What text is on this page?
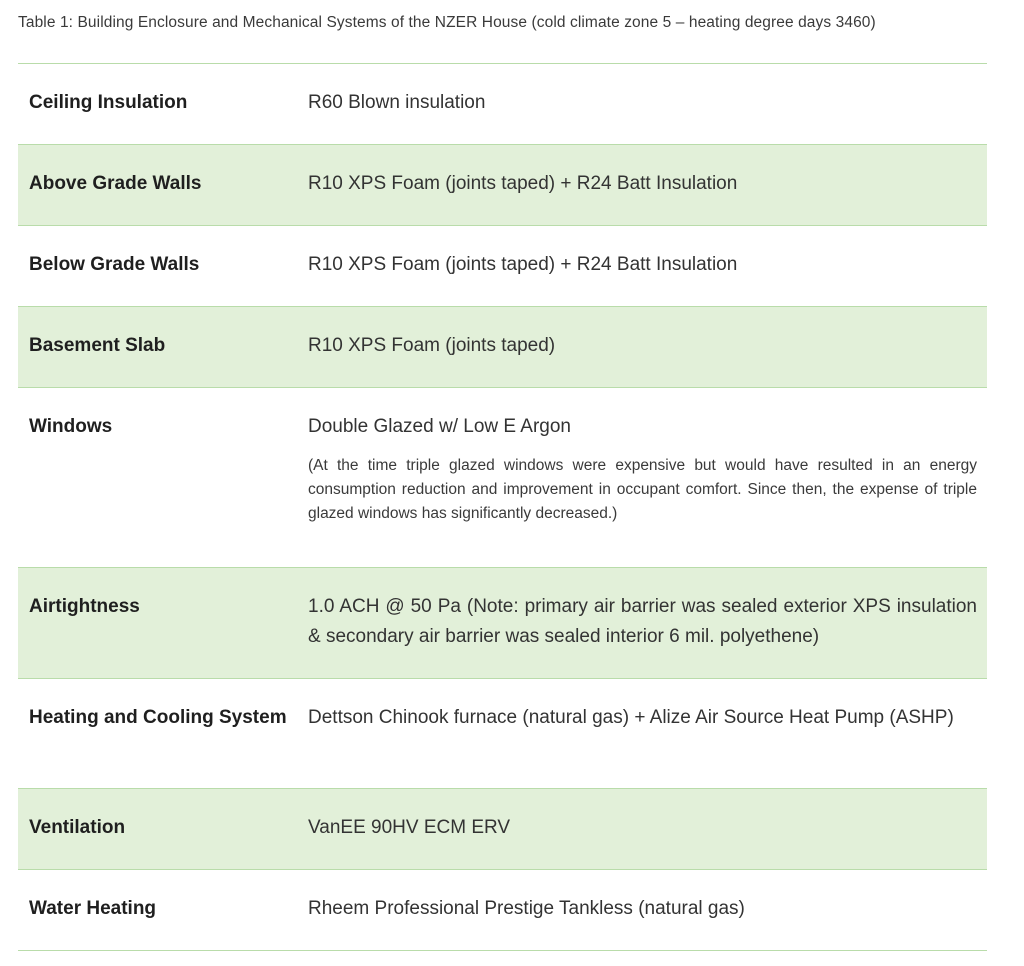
Table 1: Building Enclosure and Mechanical Systems of the NZER House (cold climate zone 5 – heating degree days 3460)
Ceiling Insulation	R60 Blown insulation
Above Grade Walls	R10 XPS Foam (joints taped) + R24 Batt Insulation
Below Grade Walls	R10 XPS Foam (joints taped) + R24 Batt Insulation
Basement Slab	R10 XPS Foam (joints taped)
Windows	Double Glazed w/ Low E Argon
(At the time triple glazed windows were expensive but would have resulted in an energy consumption reduction and improvement in occupant comfort. Since then, the expense of triple glazed windows has significantly decreased.)
Airtightness	1.0 ACH @ 50 Pa (Note: primary air barrier was sealed exterior XPS insulation & secondary air barrier was sealed interior 6 mil. polyethene)
Heating and Cooling System	Dettson Chinook furnace (natural gas) + Alize Air Source Heat Pump (ASHP)
Ventilation	VanEE 90HV ECM ERV
Water Heating	Rheem Professional Prestige Tankless (natural gas)
